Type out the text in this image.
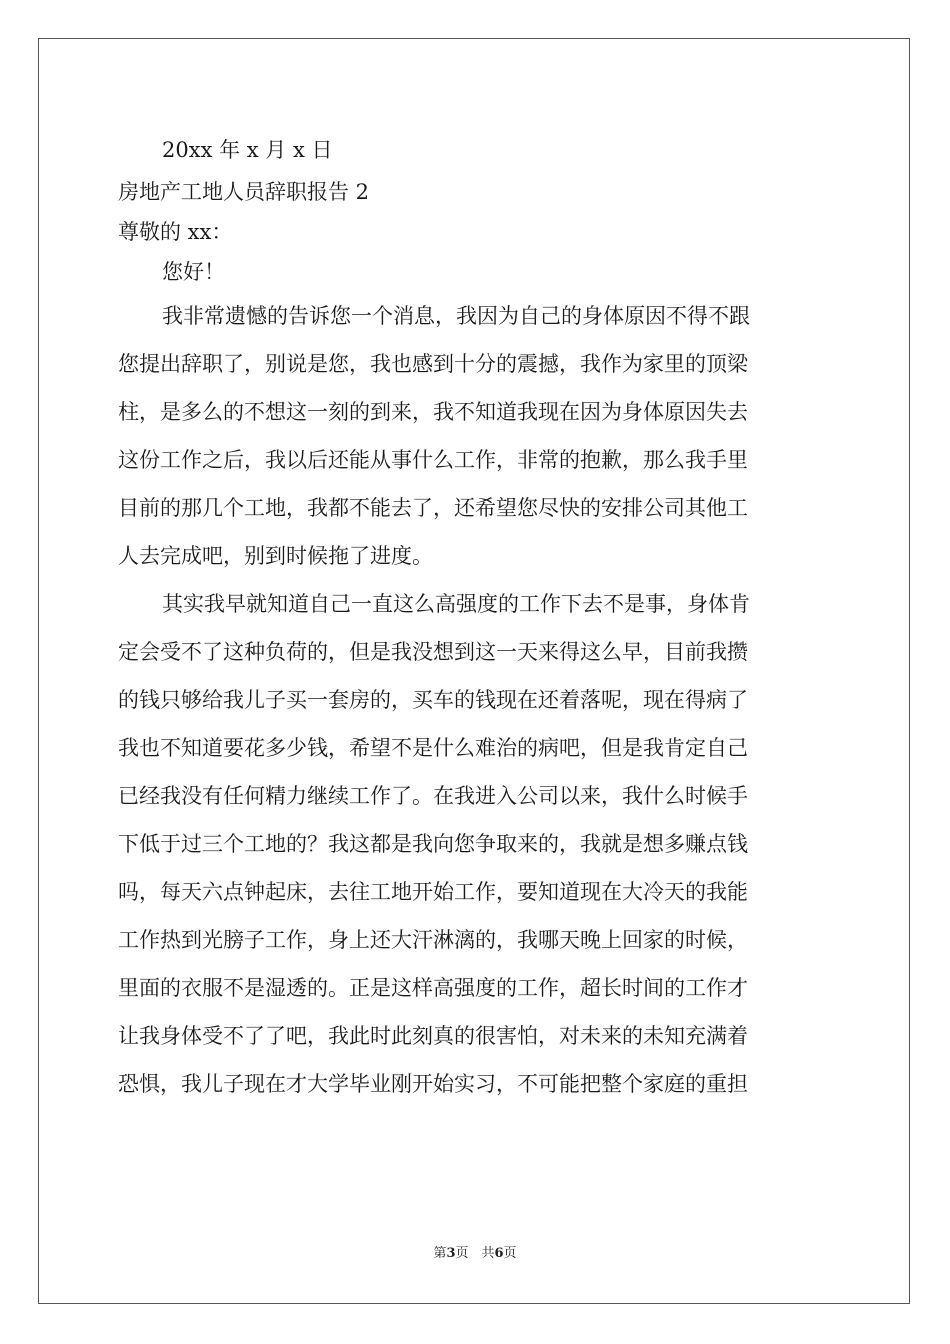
20xx 年 x 月 x 日

房地产工地人员辞职报告 2

尊敬的 xx：

您好！

我非常遗憾的告诉您一个消息，我因为自己的身体原因不得不跟
您提出辞职了，别说是您，我也感到十分的震撼，我作为家里的顶梁
柱，是多么的不想这一刻的到来，我不知道我现在因为身体原因失去
这份工作之后，我以后还能从事什么工作，非常的抱歉，那么我手里
目前的那几个工地，我都不能去了，还希望您尽快的安排公司其他工
人去完成吧，别到时候拖了进度。
其实我早就知道自己一直这么高强度的工作下去不是事，身体肯
定会受不了这种负荷的，但是我没想到这一天来得这么早，目前我攒
的钱只够给我儿子买一套房的，买车的钱现在还着落呢，现在得病了
我也不知道要花多少钱，希望不是什么难治的病吧，但是我肯定自己
已经我没有任何精力继续工作了。在我进入公司以来，我什么时候手
下低于过三个工地的？我这都是我向您争取来的，我就是想多赚点钱
吗，每天六点钟起床，去往工地开始工作，要知道现在大冷天的我能
工作热到光膀子工作，身上还大汗淋漓的，我哪天晚上回家的时候，
里面的衣服不是湿透的。正是这样高强度的工作，超长时间的工作才
让我身体受不了了吧，我此时此刻真的很害怕，对未来的未知充满着
恐惧，我儿子现在才大学毕业刚开始实习，不可能把整个家庭的重担
第3页　共6页
